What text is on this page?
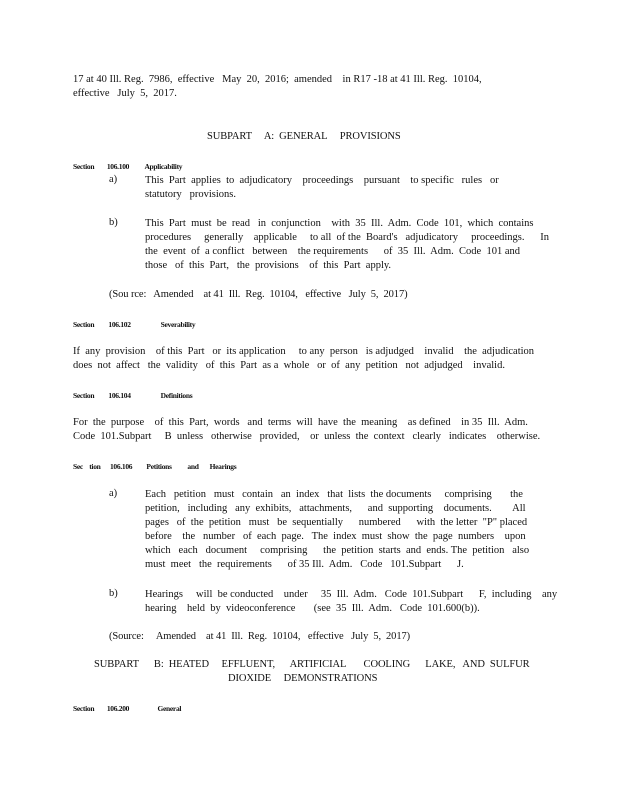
17 at 40 Ill. Reg.  7986,  effective   May  20,  2016;  amended    in R17 -18 at 41 Ill. Reg.  10104,
effective   July  5,  2017.
SUBPART     A:  GENERAL     PROVISIONS
Section        106.100          Applicability
a)	This  Part  applies  to  adjudicatory    proceedings    pursuant    to specific   rules   or
statutory   provisions.
b)	This  Part  must  be  read   in  conjunction    with  35  Ill.  Adm.  Code  101,  which  contains
procedures     generally    applicable     to all  of the  Board's   adjudicatory     proceedings.      In
the  event  of  a conflict   between    the requirements      of  35  Ill.  Adm.  Code  101 and
those   of  this  Part,   the  provisions    of  this  Part  apply.
(Sou rce:   Amended    at 41  Ill.  Reg.  10104,   effective   July  5,  2017)
Section         106.102                   Severability
If  any  provision    of this  Part   or  its application     to any  person   is adjudged    invalid    the  adjudication
does  not  affect   the  validity   of  this  Part  as a  whole   or  of  any  petition   not  adjudged    invalid.
Section         106.104                   Definitions
For  the  purpose    of  this  Part,  words   and  terms  will  have  the  meaning    as defined    in 35  Ill.  Adm.
Code  101.Subpart     B  unless   otherwise   provided,    or  unless  the  context   clearly   indicates    otherwise.
Sec    tion      106.106         Petitions          and       Hearings
a)	Each   petition   must   contain   an  index   that  lists  the documents     comprising       the
petition,   including   any  exhibits,   attachments,      and  supporting    documents.        All
pages   of  the  petition   must   be  sequentially      numbered      with  the letter  "P" placed
before    the   number   of  each  page.   The  index  must  show  the  page  numbers    upon
which   each   document     comprising      the  petition  starts  and  ends. The  petition   also
must  meet   the  requirements      of 35 Ill.  Adm.   Code   101.Subpart      J.
b)	Hearings     will  be conducted    under     35  Ill.  Adm.   Code  101.Subpart      F,  including    any
hearing    held  by  videoconference       (see  35  Ill.  Adm.   Code  101.600(b)).
(Source:     Amended    at 41  Ill.  Reg.  10104,   effective   July  5,  2017)
SUBPART      B:  HEATED     EFFLUENT,      ARTIFICIAL       COOLING      LAKE,   AND  SULFUR
DIOXIDE     DEMONSTRATIONS
Section        106.200                  General
